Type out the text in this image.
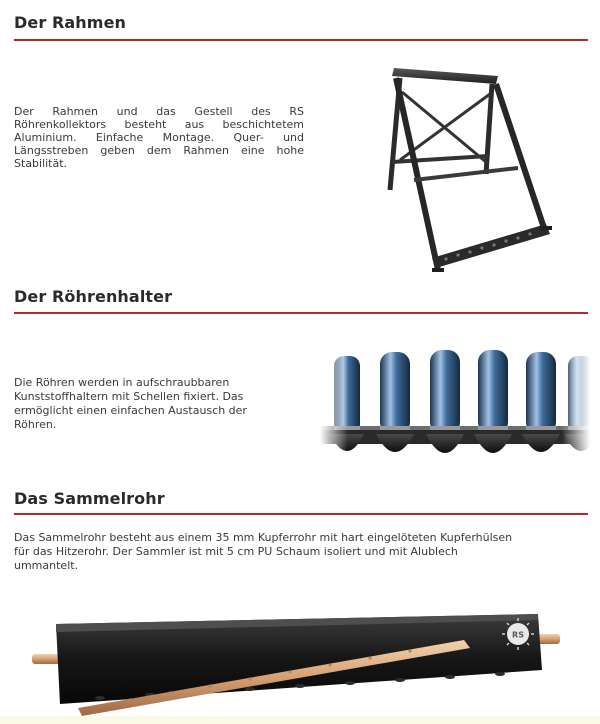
Der Rahmen

Der Rahmen und das Gestell des RS Röhrenkollektors besteht aus beschichtetem Aluminium. Einfache Montage. Quer- und Längsstreben geben dem Rahmen eine hohe Stabilität.

Der Röhrenhalter

Die Röhren werden in aufschraubbaren Kunststoffhaltern mit Schellen fixiert. Das ermöglicht einen einfachen Austausch der Röhren.

Das Sammelrohr

Das Sammelrohr besteht aus einem 35 mm Kupferrohr mit hart eingelöteten Kupferhülsen für das Hitzerohr. Der Sammler ist mit 5 cm PU Schaum isoliert und mit Alublech ummantelt.

RS
